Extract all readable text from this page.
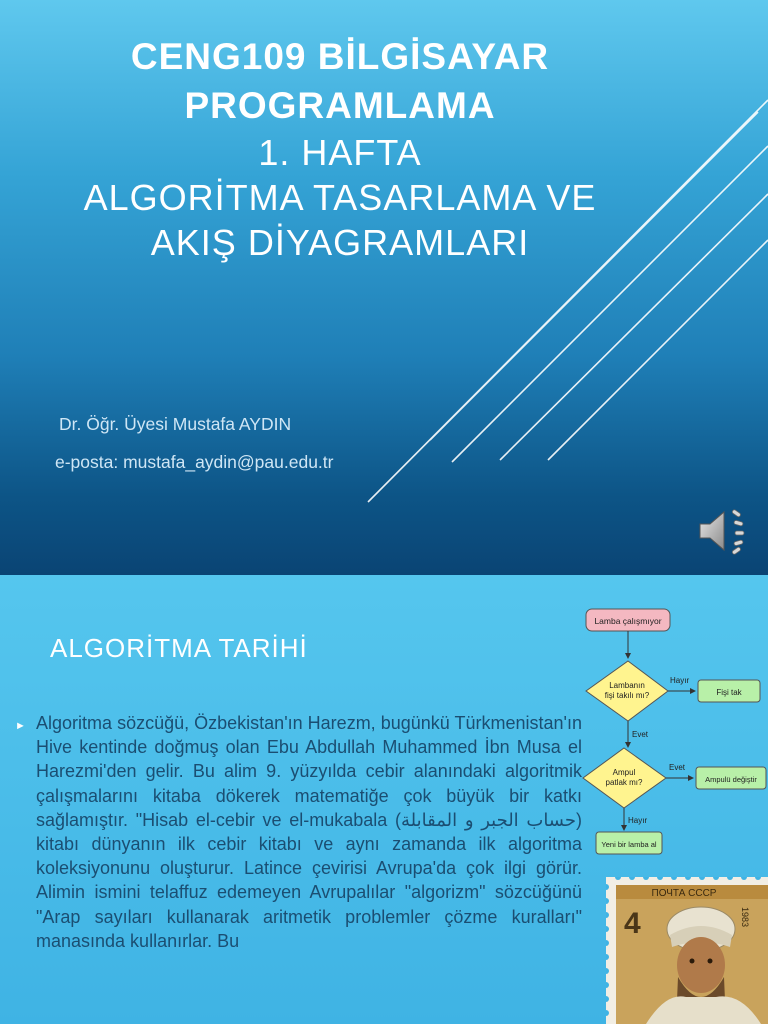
CENG109 BİLGİSAYAR
PROGRAMLAMA
1. HAFTA
ALGORİTMA TASARLAMA VE
AKIŞ DİYAGRAMLARI
Dr. Öğr. Üyesi Mustafa AYDIN
e-posta: mustafa_aydin@pau.edu.tr
ALGORİTMA TARİHİ
► Algoritma sözcüğü, Özbekistan'ın Harezm, bugünkü Türkmenistan'ın Hive kentinde doğmuş olan Ebu Abdullah Muhammed İbn Musa el Harezmi'den gelir. Bu alim 9. yüzyılda cebir alanındaki algoritmik çalışmalarını kitaba dökerek matematiğe çok büyük bir katkı sağlamıştır. "Hisab el-cebir ve el-mukabala (حساب الجبر و المقابلة) kitabı dünyanın ilk cebir kitabı ve aynı zamanda ilk algoritma koleksiyonunu oluşturur. Latince çevirisi Avrupa'da çok ilgi görür. Alimin ismini telaffuz edemeyen Avrupalılar "algorizm" sözcüğünü "Arap sayıları kullanarak aritmetik problemler çözme kuralları" manasında kullanırlar. Bu
Lamba çalışmıyor
Lambanın
fişi takılı mı?
Hayır
Fişi tak
Evet
Ampul
patlak mı?
Evet
Ampulü değiştir
Hayır
Yeni bir lamba al
ПОЧТА СССР
4	1983
